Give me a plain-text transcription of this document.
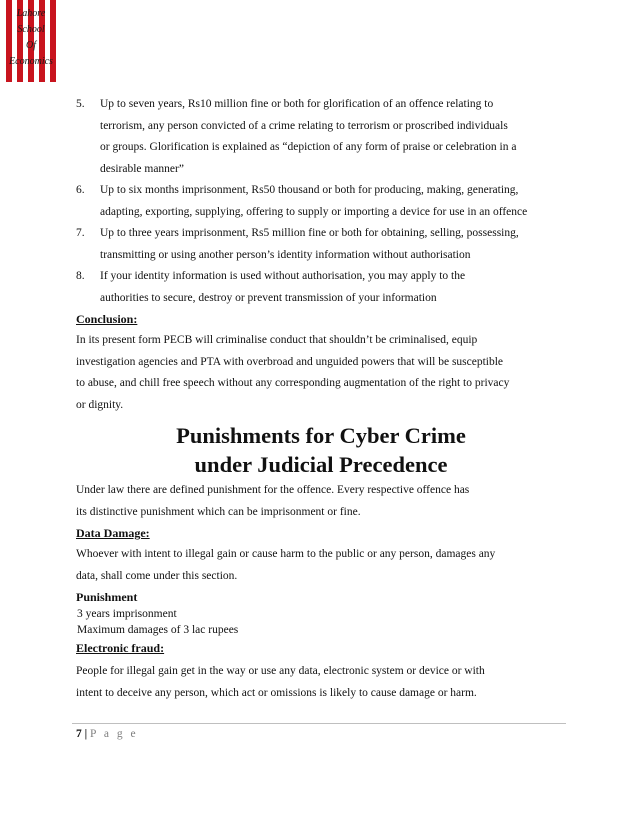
Lahore
School
Of
Economics
5. Up to seven years, Rs10 million fine or both for glorification of an offence relating to
terrorism, any person convicted of a crime relating to terrorism or proscribed individuals
or groups. Glorification is explained as “depiction of any form of praise or celebration in a
desirable manner”
6. Up to six months imprisonment, Rs50 thousand or both for producing, making, generating,
adapting, exporting, supplying, offering to supply or importing a device for use in an offence
7. Up to three years imprisonment, Rs5 million fine or both for obtaining, selling, possessing,
transmitting or using another person’s identity information without authorisation
8. If your identity information is used without authorisation, you may apply to the
authorities to secure, destroy or prevent transmission of your information
Conclusion:
In its present form PECB will criminalise conduct that shouldn’t be criminalised, equip
investigation agencies and PTA with overbroad and unguided powers that will be susceptible
to abuse, and chill free speech without any corresponding augmentation of the right to privacy
or dignity.
Punishments for Cyber Crime
under Judicial Precedence
Under law there are defined punishment for the offence. Every respective offence has
its distinctive punishment which can be imprisonment or fine.
Data Damage:
Whoever with intent to illegal gain or cause harm to the public or any person, damages any
data, shall come under this section.
Punishment
3 years imprisonment
Maximum damages of 3 lac rupees
Electronic fraud:
People for illegal gain get in the way or use any data, electronic system or device or with
intent to deceive any person, which act or omissions is likely to cause damage or harm.
7 | P a g e
